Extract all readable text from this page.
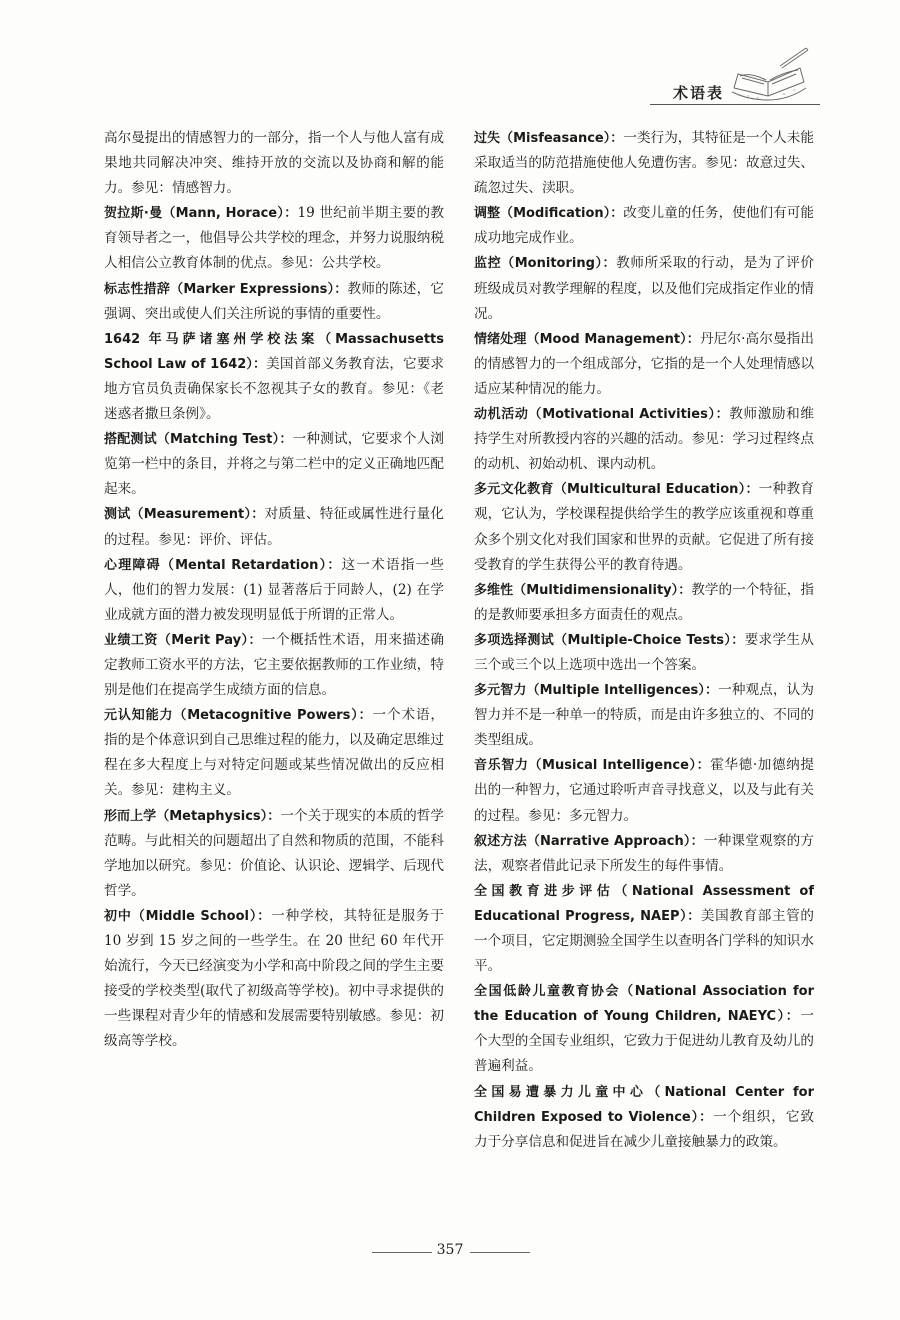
术语表

高尔曼提出的情感智力的一部分，指一个人与他人富有成果地共同解决冲突、维持开放的交流以及协商和解的能力。参见：情感智力。

贺拉斯·曼（Mann, Horace）：19 世纪前半期主要的教育领导者之一，他倡导公共学校的理念，并努力说服纳税人相信公立教育体制的优点。参见：公共学校。

标志性措辞（Marker Expressions）：教师的陈述，它强调、突出或使人们关注所说的事情的重要性。

1642 年马萨诸塞州学校法案（Massachusetts School Law of 1642）：美国首部义务教育法，它要求地方官员负责确保家长不忽视其子女的教育。参见：《老迷惑者撒旦条例》。

搭配测试（Matching Test）：一种测试，它要求个人浏览第一栏中的条目，并将之与第二栏中的定义正确地匹配起来。

测试（Measurement）：对质量、特征或属性进行量化的过程。参见：评价、评估。

心理障碍（Mental Retardation）：这一术语指一些人，他们的智力发展：(1) 显著落后于同龄人，(2) 在学业成就方面的潜力被发现明显低于所谓的正常人。

业绩工资（Merit Pay）：一个概括性术语，用来描述确定教师工资水平的方法，它主要依据教师的工作业绩，特别是他们在提高学生成绩方面的信息。

元认知能力（Metacognitive Powers）：一个术语，指的是个体意识到自己思维过程的能力，以及确定思维过程在多大程度上与对特定问题或某些情况做出的反应相关。参见：建构主义。

形而上学（Metaphysics）：一个关于现实的本质的哲学范畴。与此相关的问题超出了自然和物质的范围，不能科学地加以研究。参见：价值论、认识论、逻辑学、后现代哲学。

初中（Middle School）：一种学校，其特征是服务于 10 岁到 15 岁之间的一些学生。在 20 世纪 60 年代开始流行，今天已经演变为小学和高中阶段之间的学生主要接受的学校类型(取代了初级高等学校)。初中寻求提供的一些课程对青少年的情感和发展需要特别敏感。参见：初级高等学校。

过失（Misfeasance）：一类行为，其特征是一个人未能采取适当的防范措施使他人免遭伤害。参见：故意过失、疏忽过失、渎职。

调整（Modification）：改变儿童的任务，使他们有可能成功地完成作业。

监控（Monitoring）：教师所采取的行动，是为了评价班级成员对教学理解的程度，以及他们完成指定作业的情况。

情绪处理（Mood Management）：丹尼尔·高尔曼指出的情感智力的一个组成部分，它指的是一个人处理情感以适应某种情况的能力。

动机活动（Motivational Activities）：教师激励和维持学生对所教授内容的兴趣的活动。参见：学习过程终点的动机、初始动机、课内动机。

多元文化教育（Multicultural Education）：一种教育观，它认为，学校课程提供给学生的教学应该重视和尊重众多个别文化对我们国家和世界的贡献。它促进了所有接受教育的学生获得公平的教育待遇。

多维性（Multidimensionality）：教学的一个特征，指的是教师要承担多方面责任的观点。

多项选择测试（Multiple-Choice Tests）：要求学生从三个或三个以上选项中选出一个答案。

多元智力（Multiple Intelligences）：一种观点，认为智力并不是一种单一的特质，而是由许多独立的、不同的类型组成。

音乐智力（Musical Intelligence）：霍华德·加德纳提出的一种智力，它通过聆听声音寻找意义，以及与此有关的过程。参见：多元智力。

叙述方法（Narrative Approach）：一种课堂观察的方法，观察者借此记录下所发生的每件事情。

全国教育进步评估（National Assessment of Educational Progress, NAEP）：美国教育部主管的一个项目，它定期测验全国学生以查明各门学科的知识水平。

全国低龄儿童教育协会（National Association for the Education of Young Children, NAEYC）：一个大型的全国专业组织，它致力于促进幼儿教育及幼儿的普遍利益。

全国易遭暴力儿童中心（National Center for Children Exposed to Violence）：一个组织，它致力于分享信息和促进旨在减少儿童接触暴力的政策。

357
